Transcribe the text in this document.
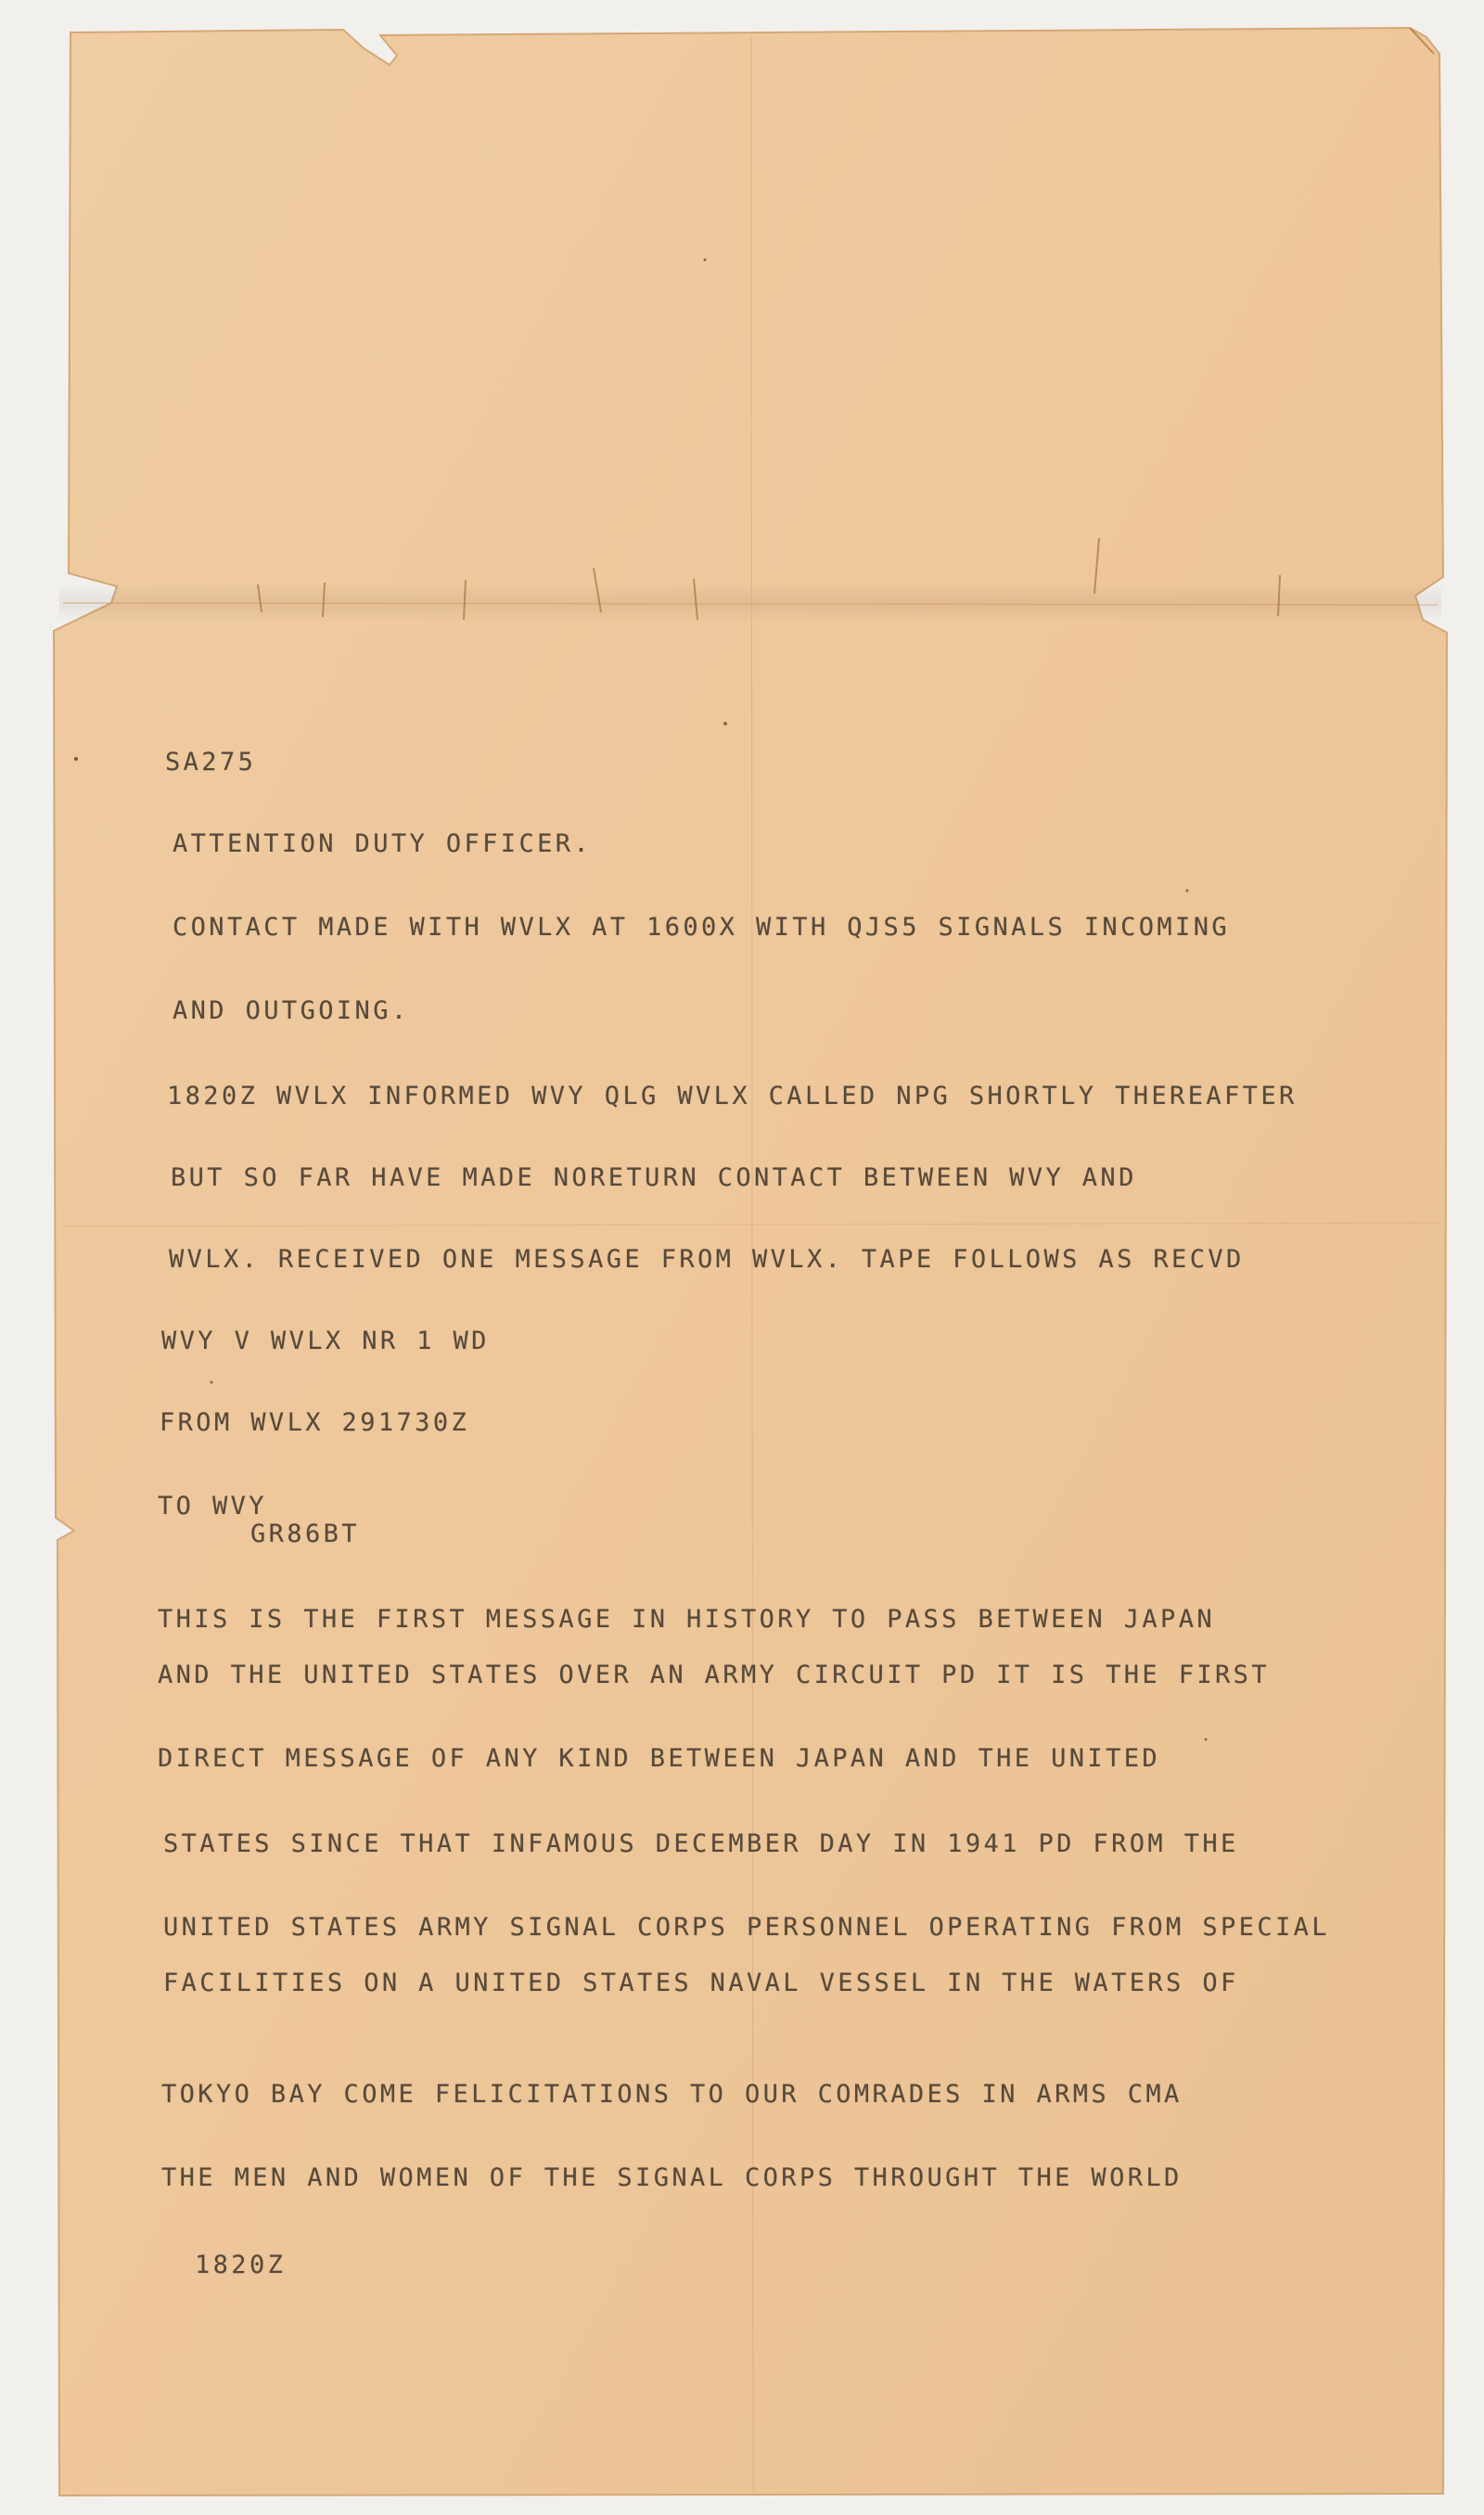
SA275
ATTENTION DUTY OFFICER.
CONTACT MADE WITH WVLX AT 1600X WITH QJS5 SIGNALS INCOMING
AND OUTGOING.
1820Z WVLX INFORMED WVY QLG WVLX CALLED NPG SHORTLY THEREAFTER
BUT SO FAR HAVE MADE NORETURN CONTACT BETWEEN WVY AND
WVLX. RECEIVED ONE MESSAGE FROM WVLX. TAPE FOLLOWS AS RECVD
WVY V WVLX NR 1 WD
FROM WVLX 291730Z
TO WVY
GR86BT
THIS IS THE FIRST MESSAGE IN HISTORY TO PASS BETWEEN JAPAN
AND THE UNITED STATES OVER AN ARMY CIRCUIT PD IT IS THE FIRST
DIRECT MESSAGE OF ANY KIND BETWEEN JAPAN AND THE UNITED
STATES SINCE THAT INFAMOUS DECEMBER DAY IN 1941 PD FROM THE
UNITED STATES ARMY SIGNAL CORPS PERSONNEL OPERATING FROM SPECIAL
FACILITIES ON A UNITED STATES NAVAL VESSEL IN THE WATERS OF
TOKYO BAY COME FELICITATIONS TO OUR COMRADES IN ARMS CMA
THE MEN AND WOMEN OF THE SIGNAL CORPS THROUGHT THE WORLD
1820Z
